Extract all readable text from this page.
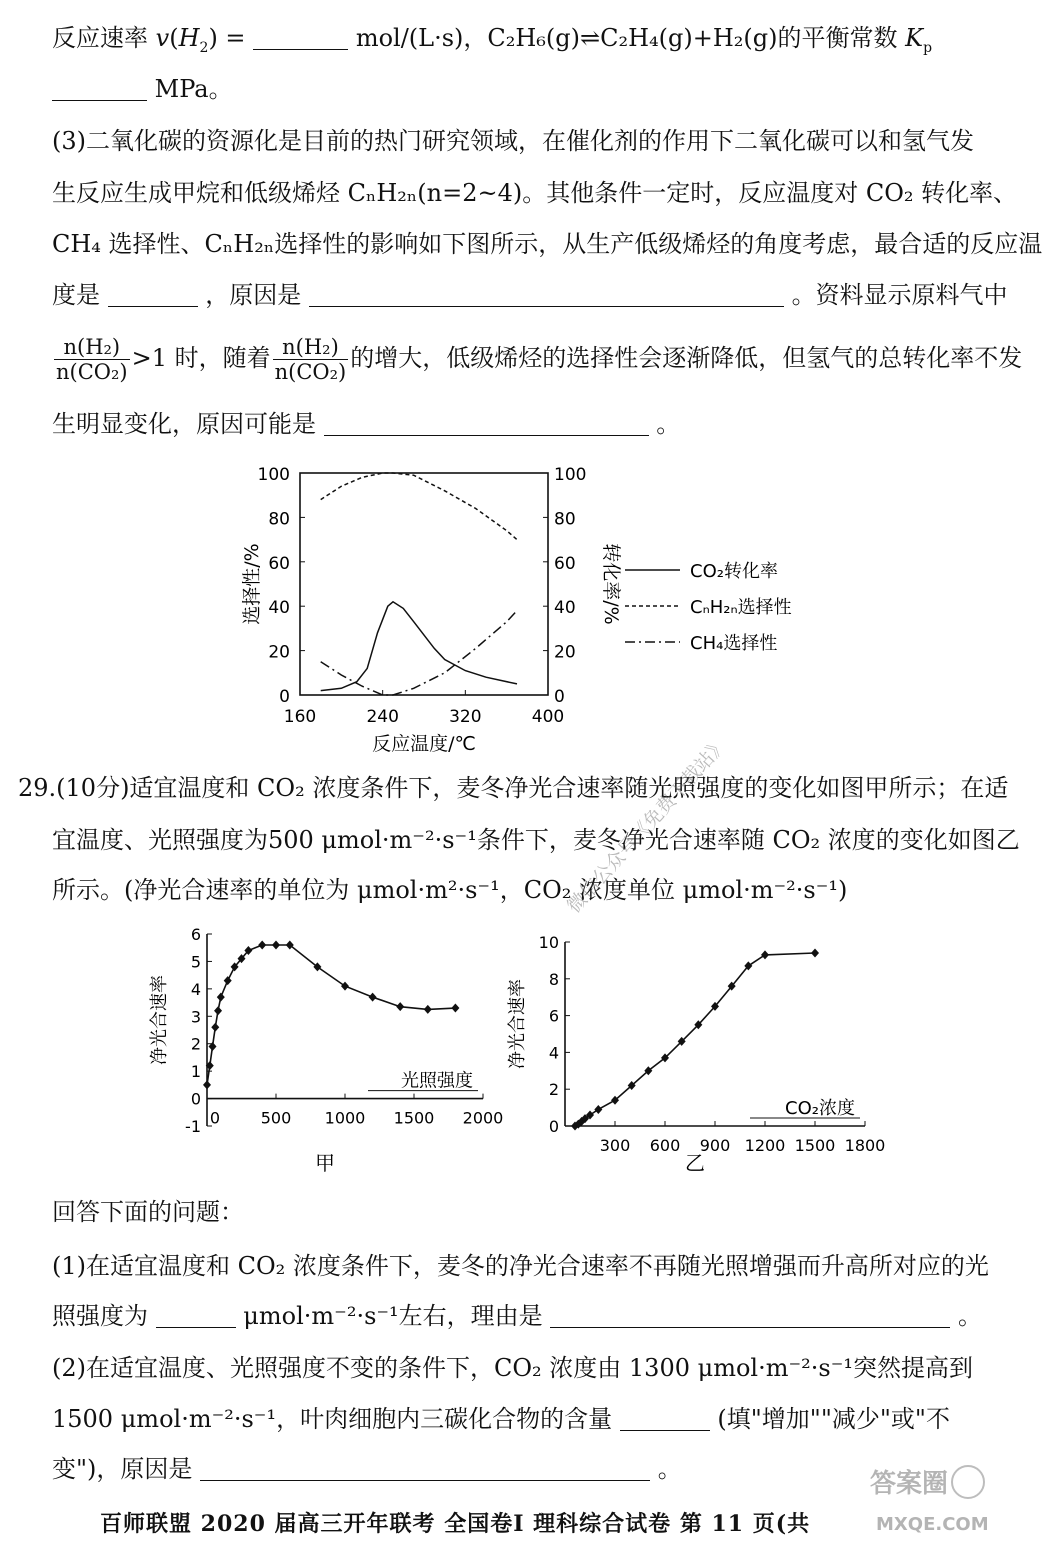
反应速率 $v(H_2)$ =	mol/(L·s)，C₂H₆(g)⇌C₂H₄(g)+H₂(g)的平衡常数 $K_p$
MPa。
(3)二氧化碳的资源化是目前的热门研究领域，在催化剂的作用下二氧化碳可以和氢气发
生反应生成甲烷和低级烯烃 CₙH₂ₙ(n=2~4)。其他条件一定时，反应温度对 CO₂ 转化率、
CH₄ 选择性、CₙH₂ₙ选择性的影响如下图所示，从生产低级烯烃的角度考虑，最合适的反应温
度是	，原因是	。资料显示原料气中
$\frac{\text{n(H₂)}}{\text{n(CO₂)}} >1$ 时，随着 $\frac{\text{n(H₂)}}{\text{n(CO₂)}}$ 的增大，低级烯烃的选择性会逐渐降低，但氢气的总转化率不发
生明显变化，原因可能是	。
0	0
20	20
40	40
60	60
80	80
100	100
160	240	320	400
反应温度/℃
选择性/%	转化率/%	CO₂转化率
CₙH₂ₙ选择性
CH₄选择性
29.(10分)适宜温度和 CO₂ 浓度条件下，麦冬净光合速率随光照强度的变化如图甲所示；在适
宜温度、光照强度为500 μmol·m⁻²·s⁻¹条件下，麦冬净光合速率随 CO₂ 浓度的变化如图乙
所示。(净光合速率的单位为 μmol·m²·s⁻¹，CO₂ 浓度单位 μmol·m⁻²·s⁻¹)
-1
0
1
2
3
4
5
6
0	500 1000 1500 2000
光照强度
净光合速率
甲
0
2
4
6
8
10
300 600 900 1200 1500 1800
CO₂浓度
净光合速率
乙
微信公众号《免费下载站》
回答下面的问题：
(1)在适宜温度和 CO₂ 浓度条件下，麦冬的净光合速率不再随光照增强而升高所对应的光
照强度为	μmol·m⁻²·s⁻¹左右，理由是	。
(2)在适宜温度、光照强度不变的条件下，CO₂ 浓度由 1300 μmol·m⁻²·s⁻¹突然提高到
1500 μmol·m⁻²·s⁻¹，叶肉细胞内三碳化合物的含量	(填"增加""减少"或"不
变")，原因是	。
百师联盟 2020 届高三开年联考 全国卷Ⅰ 理科综合试卷 第 11 页(共
答案圈
MXQE.COM
